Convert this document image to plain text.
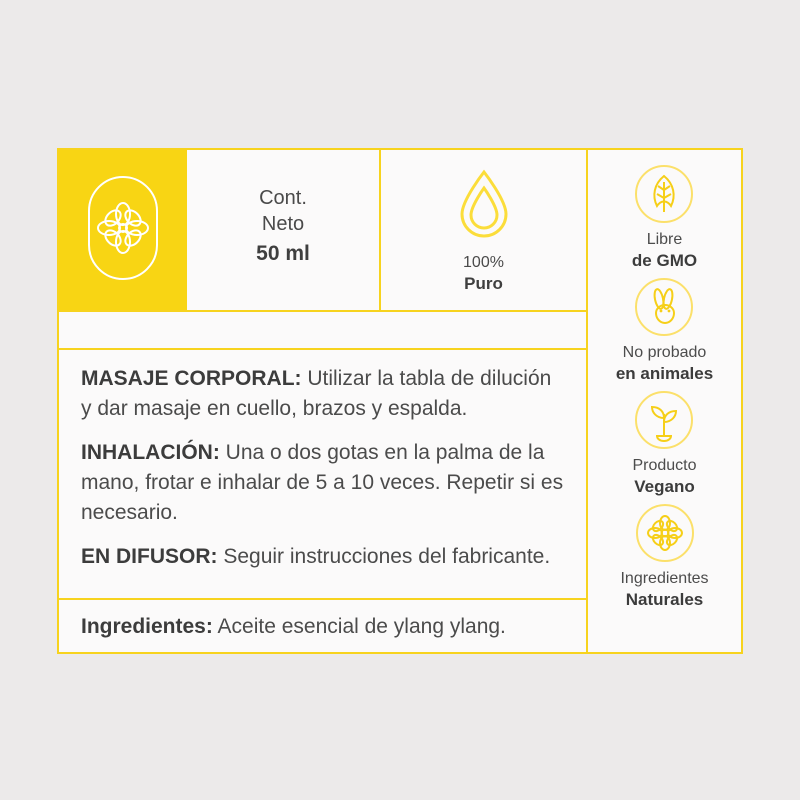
Cont.
Neto
50 ml	100%
Puro

MASAJE CORPORAL: Utilizar la tabla de dilución y dar masaje en cuello, brazos y espalda.

INHALACIÓN: Una o dos gotas en la palma de la mano, frotar e inhalar de 5 a 10 veces. Repetir si es necesario.

EN DIFUSOR: Seguir instrucciones del fabricante.

Ingredientes: Aceite esencial de ylang ylang.

Libre
de GMO
No probado
en animales
Producto
Vegano
Ingredientes
Naturales
